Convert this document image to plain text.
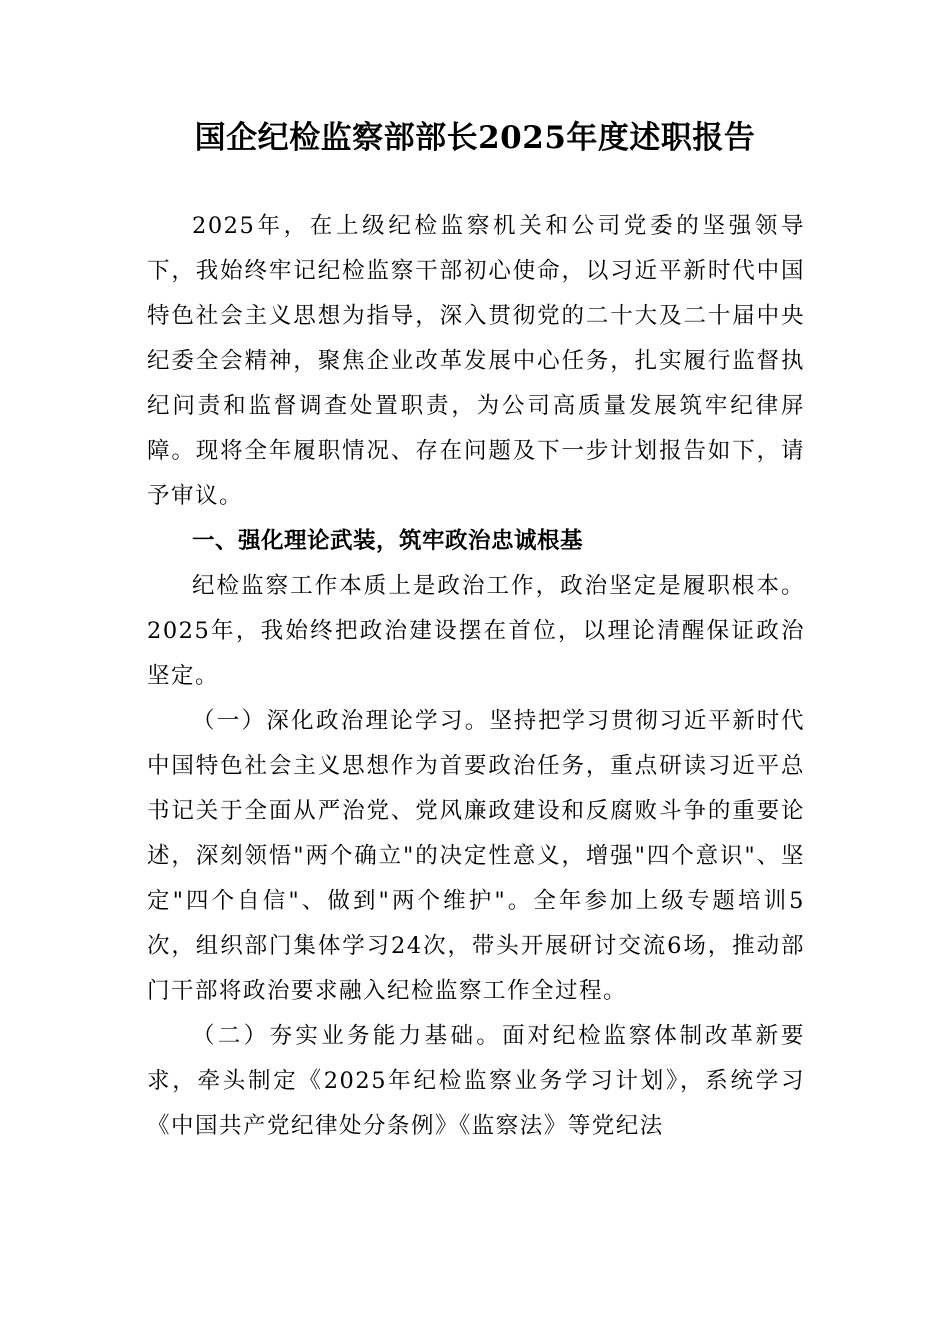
国企纪检监察部部长2025年度述职报告

2025年，在上级纪检监察机关和公司党委的坚强领导下，我始终牢记纪检监察干部初心使命，以习近平新时代中国特色社会主义思想为指导，深入贯彻党的二十大及二十届中央纪委全会精神，聚焦企业改革发展中心任务，扎实履行监督执纪问责和监督调查处置职责，为公司高质量发展筑牢纪律屏障。现将全年履职情况、存在问题及下一步计划报告如下，请予审议。

一、强化理论武装，筑牢政治忠诚根基

纪检监察工作本质上是政治工作，政治坚定是履职根本。2025年，我始终把政治建设摆在首位，以理论清醒保证政治坚定。

（一）深化政治理论学习。坚持把学习贯彻习近平新时代中国特色社会主义思想作为首要政治任务，重点研读习近平总书记关于全面从严治党、党风廉政建设和反腐败斗争的重要论述，深刻领悟"两个确立"的决定性意义，增强"四个意识"、坚定"四个自信"、做到"两个维护"。全年参加上级专题培训5次，组织部门集体学习24次，带头开展研讨交流6场，推动部门干部将政治要求融入纪检监察工作全过程。

（二）夯实业务能力基础。面对纪检监察体制改革新要求，牵头制定《2025年纪检监察业务学习计划》，系统学习《中国共产党纪律处分条例》《监察法》等党纪法
